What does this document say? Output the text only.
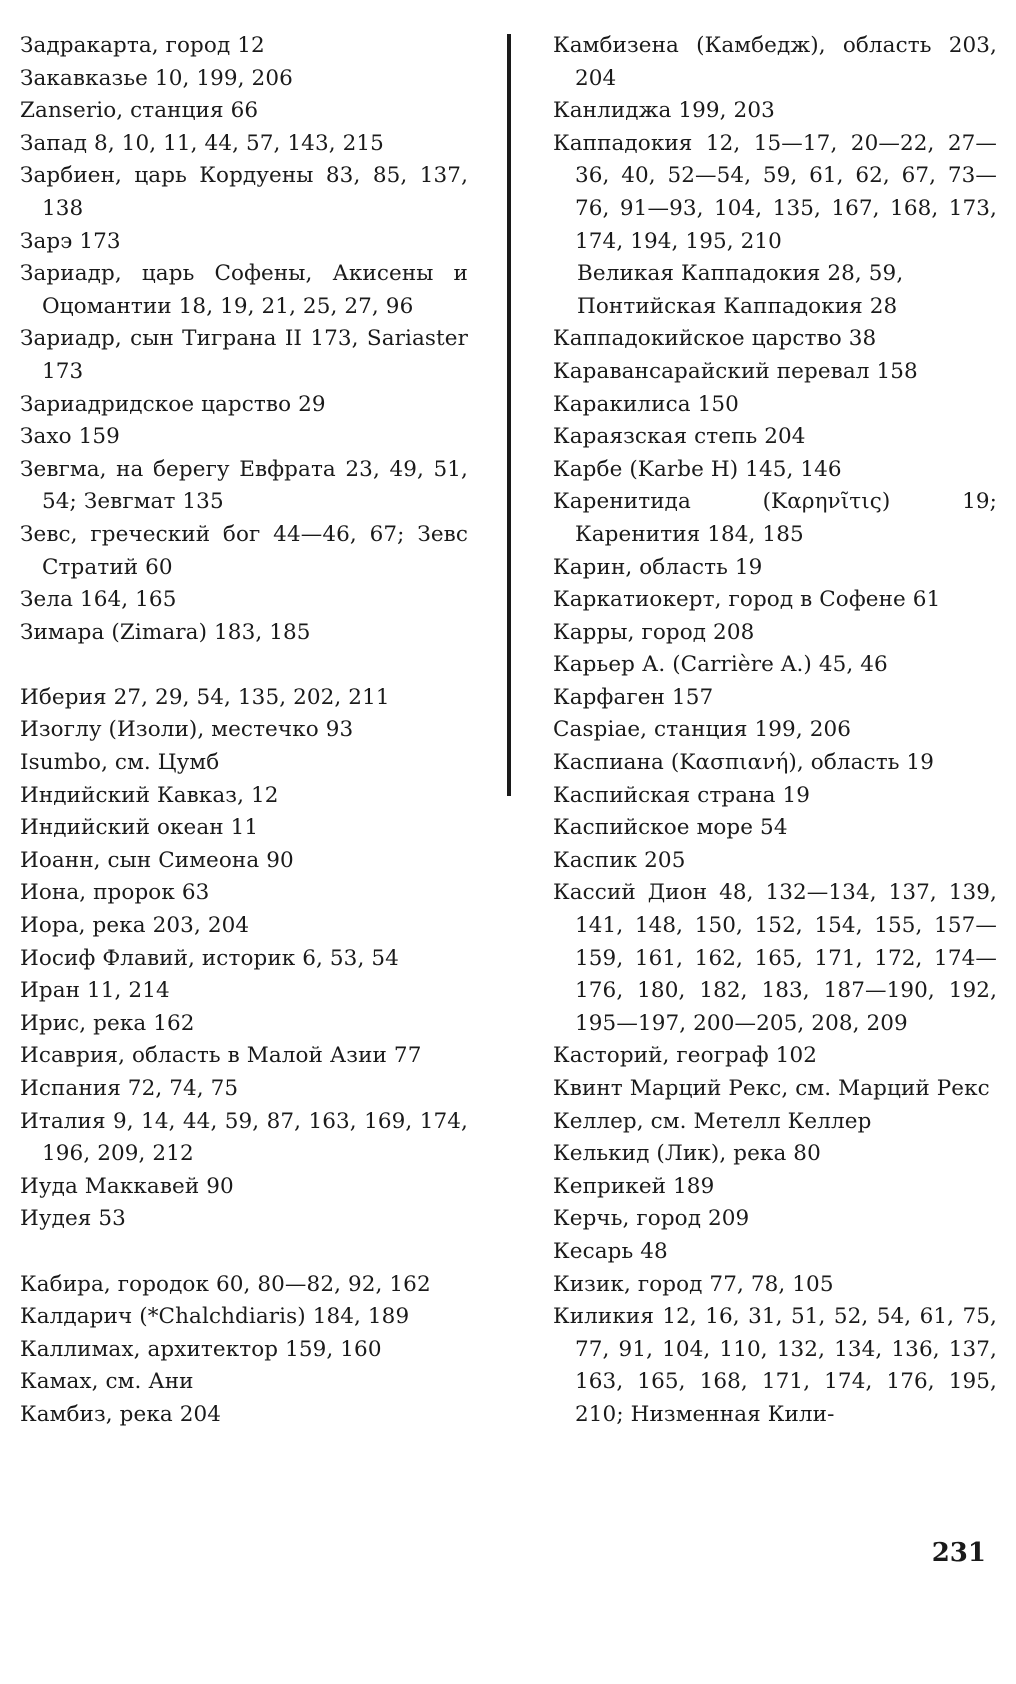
Задракарта, город 12
Закавказье 10, 199, 206
Zanserio, станция 66
Запад 8, 10, 11, 44, 57, 143, 215
Зарбиен, царь Кордуены 83, 85, 137, 138
Зарэ 173
Зариадр, царь Софены, Акисены и Оцомантии 18, 19, 21, 25, 27, 96
Зариадр, сын Тиграна II 173, Sariaster 173
Зариадридское царство 29
Захо 159
Зевгма, на берегу Евфрата 23, 49, 51, 54; Зевгмат 135
Зевс, греческий бог 44—46, 67; Зевс Стратий 60
Зела 164, 165
Зимара (Zimara) 183, 185
Иберия 27, 29, 54, 135, 202, 211
Изоглу (Изоли), местечко 93
Isumbo, см. Цумб
Индийский Кавказ, 12
Индийский океан 11
Иоанн, сын Симеона 90
Иона, пророк 63
Иора, река 203, 204
Иосиф Флавий, историк 6, 53, 54
Иран 11, 214
Ирис, река 162
Исаврия, область в Малой Азии 77
Испания 72, 74, 75
Италия 9, 14, 44, 59, 87, 163, 169, 174, 196, 209, 212
Иуда Маккавей 90
Иудея 53
Кабира, городок 60, 80—82, 92, 162
Калдарич (*Chalchdiaris) 184, 189
Каллимах, архитектор 159, 160
Камах, см. Ани
Камбиз, река 204
Камбизена (Камбедж), область 203, 204
Канлиджа 199, 203
Каппадокия 12, 15—17, 20—22, 27—36, 40, 52—54, 59, 61, 62, 67, 73—76, 91—93, 104, 135, 167, 168, 173, 174, 194, 195, 210
Великая Каппадокия 28, 59,
Понтийская Каппадокия 28
Каппадокийское царство 38
Каравансарайский перевал 158
Каракилиса 150
Караязская степь 204
Карбе (Karbe H) 145, 146
Каренитида (Καρηνῖτις) 19; Каренития 184, 185
Карин, область 19
Каркатиокерт, город в Софене 61
Карры, город 208
Карьер А. (Carrière A.) 45, 46
Карфаген 157
Caspiae, станция 199, 206
Каспиана (Κασπιανή), область 19
Каспийская страна 19
Каспийское море 54
Каспик 205
Кассий Дион 48, 132—134, 137, 139, 141, 148, 150, 152, 154, 155, 157—159, 161, 162, 165, 171, 172, 174—176, 180, 182, 183, 187—190, 192, 195—197, 200—205, 208, 209
Касторий, географ 102
Квинт Марций Рекс, см. Марций Рекс
Келлер, см. Метелл Келлер
Келькид (Лик), река 80
Кеприкей 189
Керчь, город 209
Кесарь 48
Кизик, город 77, 78, 105
Киликия 12, 16, 31, 51, 52, 54, 61, 75, 77, 91, 104, 110, 132, 134, 136, 137, 163, 165, 168, 171, 174, 176, 195, 210; Низменная Кили-
231
